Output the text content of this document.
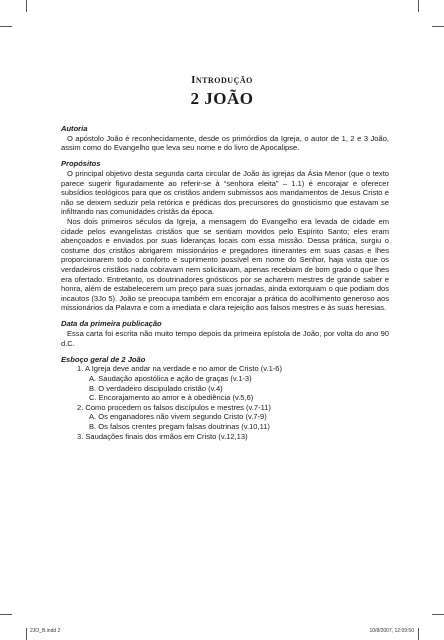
Introdução
2 JOÃO

Autoria

O apóstolo João é reconhecidamente, desde os primórdios da Igreja, o autor de 1, 2 e 3 João, assim como do Evangelho que leva seu nome e do livro de Apocalipse.

Propósitos

O principal objetivo desta segunda carta circular de João às igrejas da Ásia Menor (que o texto parece sugerir figuradamente ao referir-se à “senhora eleita” – 1.1) é encorajar e oferecer subsídios teológicos para que os cristãos andem submissos aos mandamentos de Jesus Cristo e não se deixem seduzir pela retórica e prédicas dos precursores do gnosticismo que estavam se infiltrando nas comunidades cristãs da época.

Nos dois primeiros séculos da Igreja, a mensagem do Evangelho era levada de cidade em cidade pelos evangelistas cristãos que se sentiam movidos pelo Espírito Santo; eles eram abençoados e enviados por suas lideranças locais com essa missão. Dessa prática, surgiu o costume dos cristãos abrigarem missionários e pregadores itinerantes em suas casas e lhes proporcionarem todo o conforto e suprimento possível em nome do Senhor, haja vista que os verdadeiros cristãos nada cobravam nem solicitavam, apenas recebiam de bom grado o que lhes era ofertado. Entretanto, os doutrinadores gnósticos por se acharem mestres de grande saber e honra, além de estabelecerem um preço para suas jornadas, ainda extorquiam o que podiam dos incautos (3Jo 5). João se preocupa também em encorajar a prática do acolhimento generoso aos missionários da Palavra e com a imediata e clara rejeição aos falsos mestres e às suas heresias.

Data da primeira publicação

Essa carta foi escrita não muito tempo depois da primeira epístola de João, por volta do ano 90 d.C.

Esboço geral de 2 João

1. A Igreja deve andar na verdade e no amor de Cristo (v.1-6)
A. Saudação apostólica e ação de graças (v.1-3)
B. O verdadeiro discipulado cristão (v.4)
C. Encorajamento ao amor e à obediência (v.5,6)
2. Como procedem os falsos discípulos e mestres (v.7-11)
A. Os enganadores não vivem segundo Cristo (v.7-9)
B. Os falsos crentes pregam falsas doutrinas (v.10,11)
3. Saudações finais dos irmãos em Cristo (v.12,13)
2JO_B.indd 2	10/8/2007, 12:09:50
